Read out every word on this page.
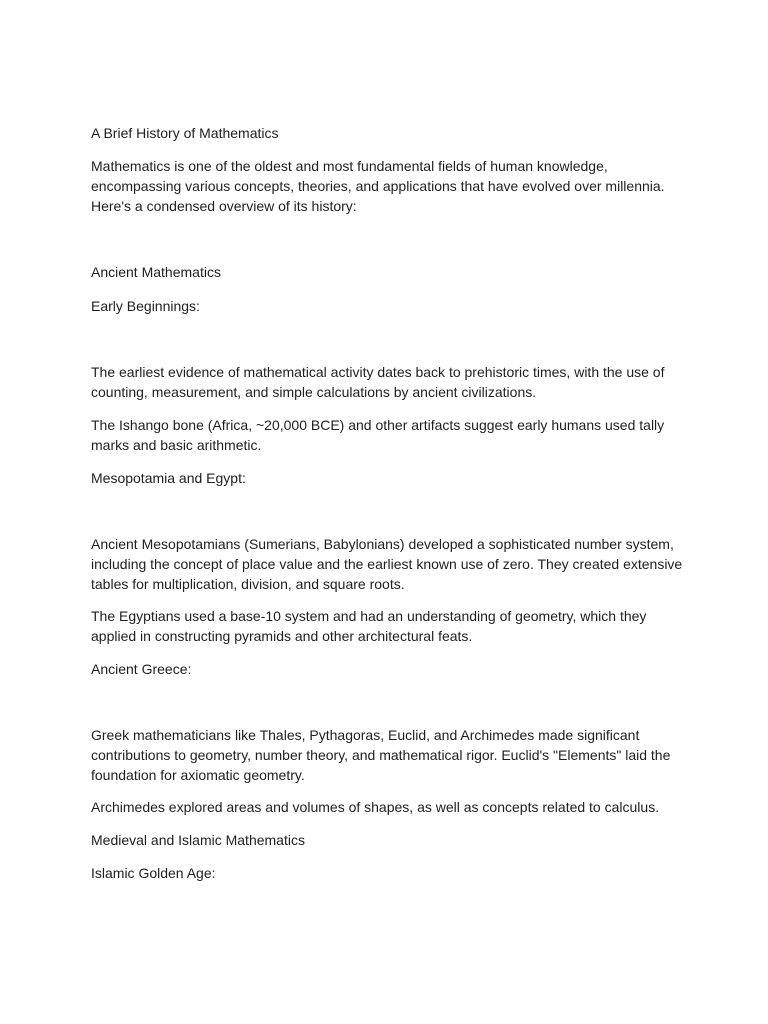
A Brief History of Mathematics

Mathematics is one of the oldest and most fundamental fields of human knowledge, encompassing various concepts, theories, and applications that have evolved over millennia. Here's a condensed overview of its history:

Ancient Mathematics

Early Beginnings:

The earliest evidence of mathematical activity dates back to prehistoric times, with the use of counting, measurement, and simple calculations by ancient civilizations.

The Ishango bone (Africa, ~20,000 BCE) and other artifacts suggest early humans used tally marks and basic arithmetic.

Mesopotamia and Egypt:

Ancient Mesopotamians (Sumerians, Babylonians) developed a sophisticated number system, including the concept of place value and the earliest known use of zero. They created extensive tables for multiplication, division, and square roots.

The Egyptians used a base-10 system and had an understanding of geometry, which they applied in constructing pyramids and other architectural feats.

Ancient Greece:

Greek mathematicians like Thales, Pythagoras, Euclid, and Archimedes made significant contributions to geometry, number theory, and mathematical rigor. Euclid's "Elements" laid the foundation for axiomatic geometry.

Archimedes explored areas and volumes of shapes, as well as concepts related to calculus.

Medieval and Islamic Mathematics

Islamic Golden Age:
